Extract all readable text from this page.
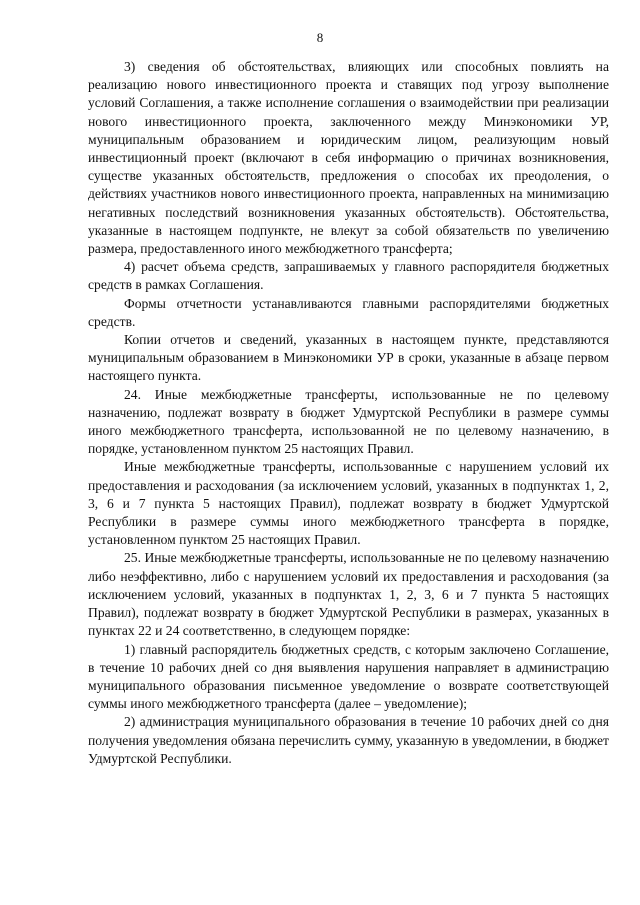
8

3) сведения об обстоятельствах, влияющих или способных повлиять на реализацию нового инвестиционного проекта и ставящих под угрозу выполнение условий Соглашения, а также исполнение соглашения о взаимодействии при реализации нового инвестиционного проекта, заключенного между Минэкономики УР, муниципальным образованием и юридическим лицом, реализующим новый инвестиционный проект (включают в себя информацию о причинах возникновения, существе указанных обстоятельств, предложения о способах их преодоления, о действиях участников нового инвестиционного проекта, направленных на минимизацию негативных последствий возникновения указанных обстоятельств). Обстоятельства, указанные в настоящем подпункте, не влекут за собой обязательств по увеличению размера, предоставленного иного межбюджетного трансферта;

4) расчет объема средств, запрашиваемых у главного распорядителя бюджетных средств в рамках Соглашения.

Формы отчетности устанавливаются главными распорядителями бюджетных средств.

Копии отчетов и сведений, указанных в настоящем пункте, представляются муниципальным образованием в Минэкономики УР в сроки, указанные в абзаце первом настоящего пункта.

24. Иные межбюджетные трансферты, использованные не по целевому назначению, подлежат возврату в бюджет Удмуртской Республики в размере суммы иного межбюджетного трансферта, использованной не по целевому назначению, в порядке, установленном пунктом 25 настоящих Правил.

Иные межбюджетные трансферты, использованные с нарушением условий их предоставления и расходования (за исключением условий, указанных в подпунктах 1, 2, 3, 6 и 7 пункта 5 настоящих Правил), подлежат возврату в бюджет Удмуртской Республики в размере суммы иного межбюджетного трансферта в порядке, установленном пунктом 25 настоящих Правил.

25. Иные межбюджетные трансферты, использованные не по целевому назначению либо неэффективно, либо с нарушением условий их предоставления и расходования (за исключением условий, указанных в подпунктах 1, 2, 3, 6 и 7 пункта 5 настоящих Правил), подлежат возврату в бюджет Удмуртской Республики в размерах, указанных в пунктах 22 и 24 соответственно, в следующем порядке:

1) главный распорядитель бюджетных средств, с которым заключено Соглашение, в течение 10 рабочих дней со дня выявления нарушения направляет в администрацию муниципального образования письменное уведомление о возврате соответствующей суммы иного межбюджетного трансферта (далее – уведомление);

2) администрация муниципального образования в течение 10 рабочих дней со дня получения уведомления обязана перечислить сумму, указанную в уведомлении, в бюджет Удмуртской Республики.
